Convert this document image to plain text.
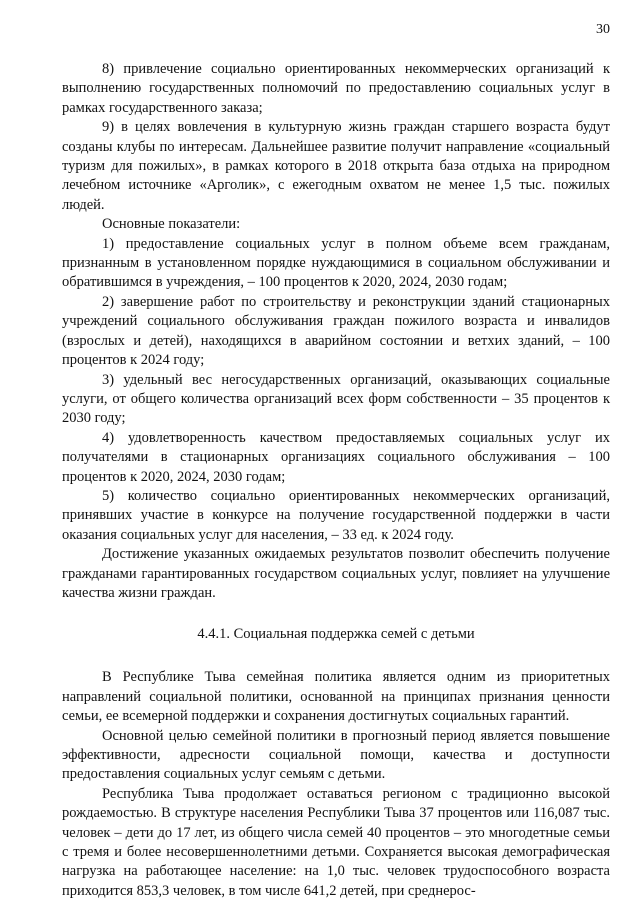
30

8) привлечение социально ориентированных некоммерческих организаций к выполнению государственных полномочий по предоставлению социальных услуг в рамках государственного заказа;

9) в целях вовлечения в культурную жизнь граждан старшего возраста будут созданы клубы по интересам. Дальнейшее развитие получит направление «социальный туризм для пожилых», в рамках которого в 2018 открыта база отдыха на природном лечебном источнике «Арголик», с ежегодным охватом не менее 1,5 тыс. пожилых людей.

Основные показатели:

1) предоставление социальных услуг в полном объеме всем гражданам, признанным в установленном порядке нуждающимися в социальном обслуживании и обратившимся в учреждения, – 100 процентов к 2020, 2024, 2030 годам;

2) завершение работ по строительству и реконструкции зданий стационарных учреждений социального обслуживания граждан пожилого возраста и инвалидов (взрослых и детей), находящихся в аварийном состоянии и ветхих зданий, – 100 процентов к 2024 году;

3) удельный вес негосударственных организаций, оказывающих социальные услуги, от общего количества организаций всех форм собственности – 35 процентов к 2030 году;

4) удовлетворенность качеством предоставляемых социальных услуг их получателями в стационарных организациях социального обслуживания – 100 процентов к 2020, 2024, 2030 годам;

5) количество социально ориентированных некоммерческих организаций, принявших участие в конкурсе на получение государственной поддержки в части оказания социальных услуг для населения, – 33 ед. к 2024 году.

Достижение указанных ожидаемых результатов позволит обеспечить получение гражданами гарантированных государством социальных услуг, повлияет на улучшение качества жизни граждан.

4.4.1. Социальная поддержка семей с детьми

В Республике Тыва семейная политика является одним из приоритетных направлений социальной политики, основанной на принципах признания ценности семьи, ее всемерной поддержки и сохранения достигнутых социальных гарантий.

Основной целью семейной политики в прогнозный период является повышение эффективности, адресности социальной помощи, качества и доступности предоставления социальных услуг семьям с детьми.

Республика Тыва продолжает оставаться регионом с традиционно высокой рождаемостью. В структуре населения Республики Тыва 37 процентов или 116,087 тыс. человек – дети до 17 лет, из общего числа семей 40 процентов – это многодетные семьи с тремя и более несовершеннолетними детьми. Сохраняется высокая демографическая нагрузка на работающее население: на 1,0 тыс. человек трудоспособного возраста приходится 853,3 человек, в том числе 641,2 детей, при среднерос-
